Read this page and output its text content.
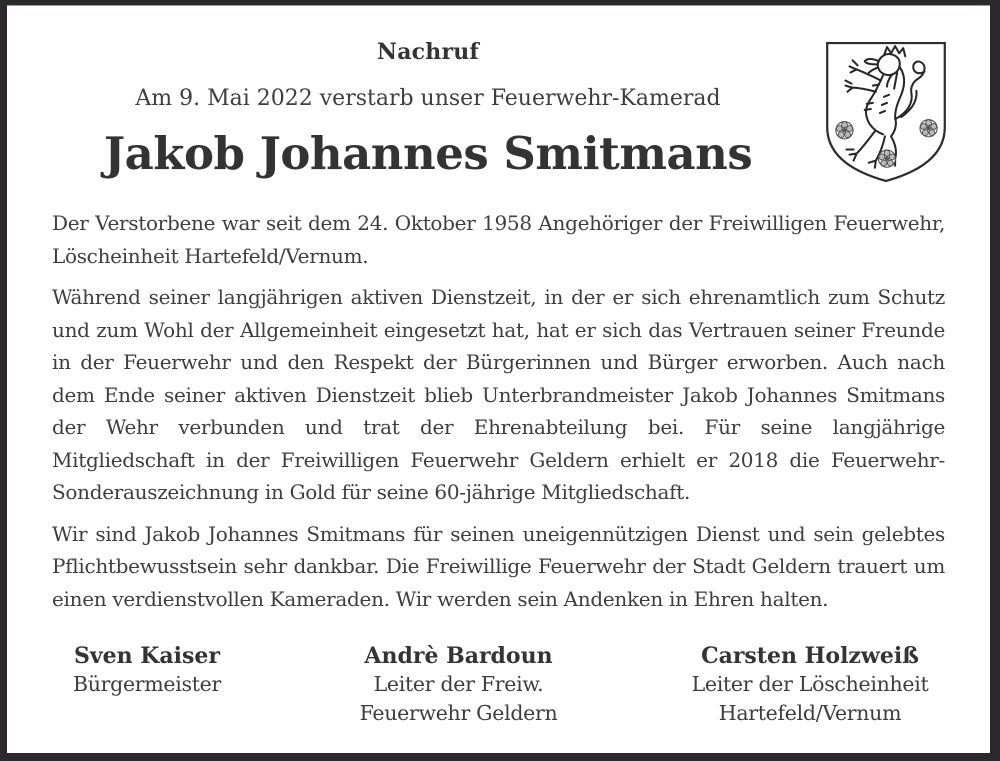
Nachruf
Am 9. Mai 2022 verstarb unser Feuerwehr-Kamerad
Jakob Johannes Smitmans

Der Verstorbene war seit dem 24. Oktober 1958 Angehöriger der Freiwilligen Feuerwehr, Löscheinheit Hartefeld/Vernum.

Während seiner langjährigen aktiven Dienstzeit, in der er sich ehrenamtlich zum Schutz und zum Wohl der Allgemeinheit eingesetzt hat, hat er sich das Vertrauen seiner Freunde in der Feuerwehr und den Respekt der Bürgerinnen und Bürger erworben. Auch nach dem Ende seiner aktiven Dienstzeit blieb Unterbrandmeister Jakob Johannes Smitmans der Wehr verbunden und trat der Ehrenabteilung bei. Für seine langjährige Mitgliedschaft in der Freiwilligen Feuerwehr Geldern erhielt er 2018 die Feuerwehr-Sonderauszeichnung in Gold für seine 60-jährige Mitgliedschaft.

Wir sind Jakob Johannes Smitmans für seinen uneigennützigen Dienst und sein gelebtes Pflichtbewusstsein sehr dankbar. Die Freiwillige Feuerwehr der Stadt Geldern trauert um einen verdienstvollen Kameraden. Wir werden sein Andenken in Ehren halten.

Sven Kaiser
Bürgermeister
Andrè Bardoun
Leiter der Freiw.
Feuerwehr Geldern
Carsten Holzweiß
Leiter der Löscheinheit
Hartefeld/Vernum
